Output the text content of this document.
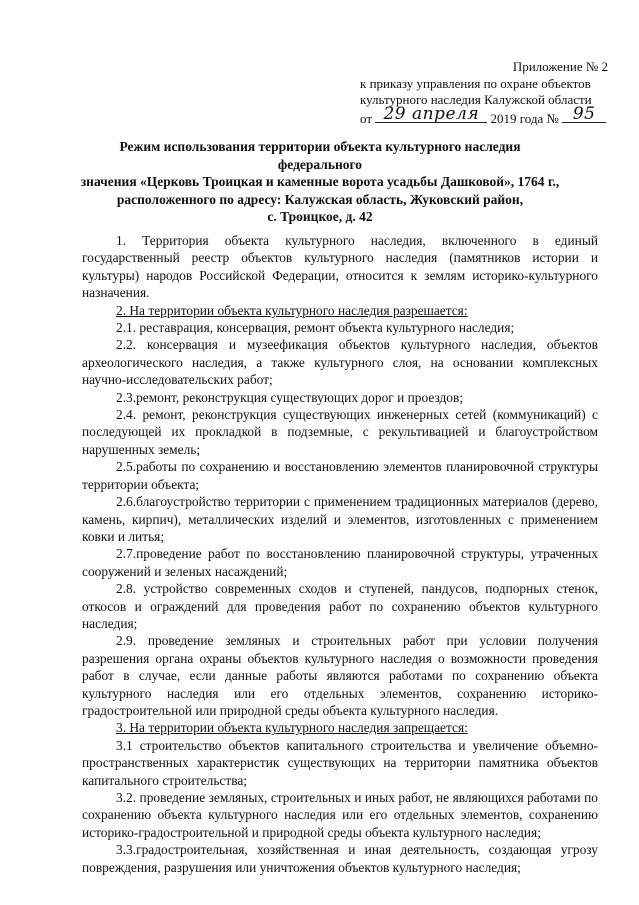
Приложение № 2
к приказу управления по охране объектов
культурного наследия Калужской области
от 29 апреля 2019 года № 95
Режим использования территории объекта культурного наследия федерального
значения «Церковь Троицкая и каменные ворота усадьбы Дашковой», 1764 г.,
расположенного по адресу: Калужская область, Жуковский район,
с. Троицкое, д. 42

1. Территория объекта культурного наследия, включенного в единый государственный реестр объектов культурного наследия (памятников истории и культуры) народов Российской Федерации, относится к землям историко-культурного назначения.

2. На территории объекта культурного наследия разрешается:

2.1. реставрация, консервация, ремонт объекта культурного наследия;

2.2. консервация и музеефикация объектов культурного наследия, объектов археологического наследия, а также культурного слоя, на основании комплексных научно-исследовательских работ;

2.3.ремонт, реконструкция существующих дорог и проездов;

2.4. ремонт, реконструкция существующих инженерных сетей (коммуникаций) с последующей их прокладкой в подземные, с рекультивацией и благоустройством нарушенных земель;

2.5.работы по сохранению и восстановлению элементов планировочной структуры территории объекта;

2.6.благоустройство территории с применением традиционных материалов (дерево, камень, кирпич), металлических изделий и элементов, изготовленных с применением ковки и литья;

2.7.проведение работ по восстановлению планировочной структуры, утраченных сооружений и зеленых насаждений;

2.8. устройство современных сходов и ступеней, пандусов, подпорных стенок, откосов и ограждений для проведения работ по сохранению объектов культурного наследия;

2.9. проведение земляных и строительных работ при условии получения разрешения органа охраны объектов культурного наследия о возможности проведения работ в случае, если данные работы являются работами по сохранению объекта культурного наследия или его отдельных элементов, сохранению историко-градостроительной или природной среды объекта культурного наследия.

3. На территории объекта культурного наследия запрещается:

3.1 строительство объектов капитального строительства и увеличение объемно-пространственных характеристик существующих на территории памятника объектов капитального строительства;

3.2. проведение земляных, строительных и иных работ, не являющихся работами по сохранению объекта культурного наследия или его отдельных элементов, сохранению историко-градостроительной и природной среды объекта культурного наследия;

3.3.градостроительная, хозяйственная и иная деятельность, создающая угрозу повреждения, разрушения или уничтожения объектов культурного наследия;
